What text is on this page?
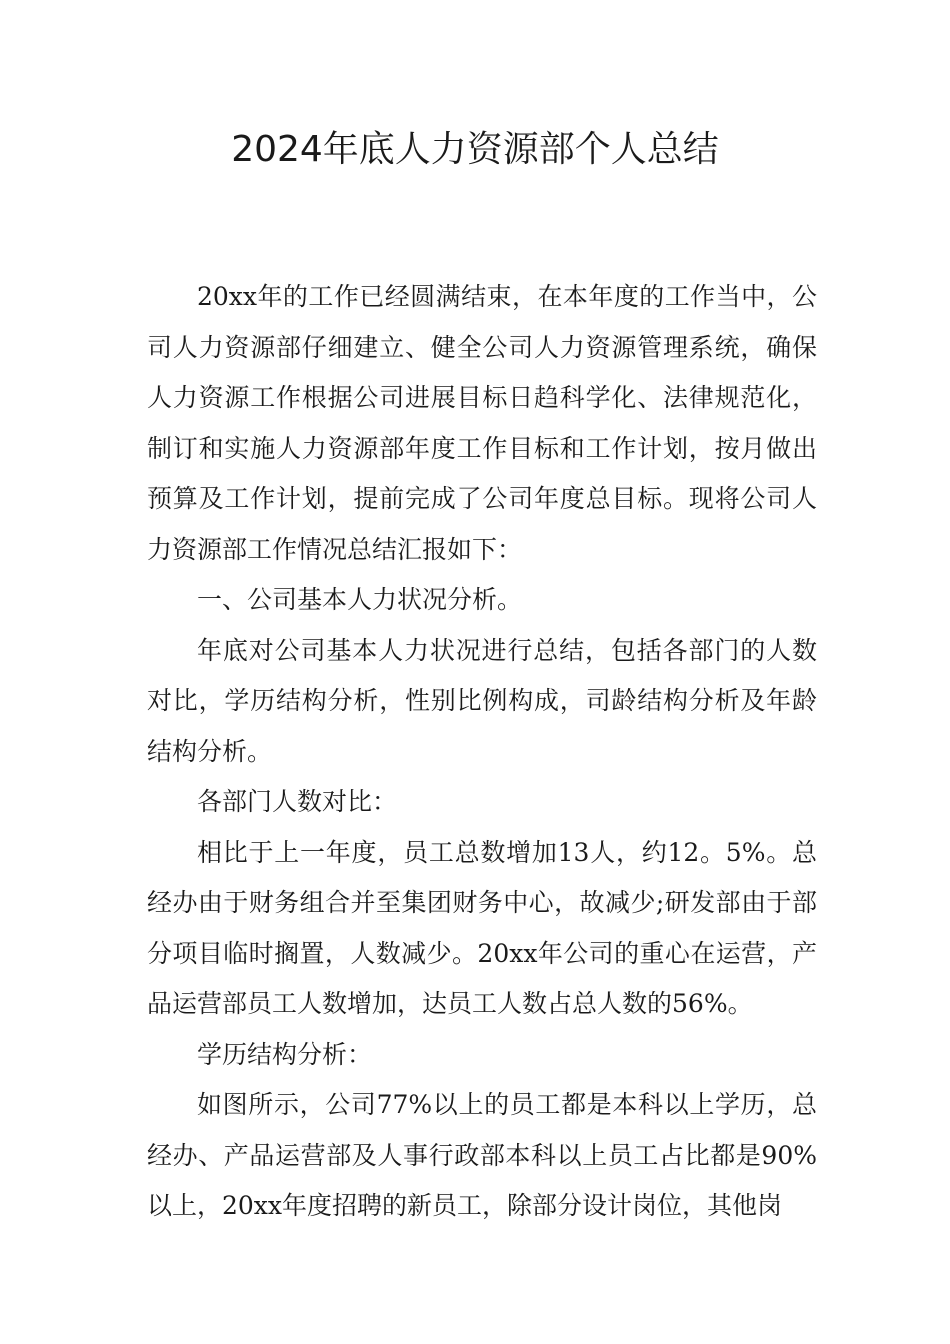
2024年底人力资源部个人总结

20xx年的工作已经圆满结束，在本年度的工作当中，公司人力资源部仔细建立、健全公司人力资源管理系统，确保人力资源工作根据公司进展目标日趋科学化、法律规范化，制订和实施人力资源部年度工作目标和工作计划，按月做出预算及工作计划，提前完成了公司年度总目标。现将公司人力资源部工作情况总结汇报如下：

一、公司基本人力状况分析。

年底对公司基本人力状况进行总结，包括各部门的人数对比，学历结构分析，性别比例构成，司龄结构分析及年龄结构分析。

各部门人数对比：

相比于上一年度，员工总数增加13人，约12。5%。总经办由于财务组合并至集团财务中心，故减少;研发部由于部分项目临时搁置，人数减少。20xx年公司的重心在运营，产品运营部员工人数增加，达员工人数占总人数的56%。

学历结构分析：

如图所示，公司77%以上的员工都是本科以上学历，总经办、产品运营部及人事行政部本科以上员工占比都是90%以上，20xx年度招聘的新员工，除部分设计岗位，其他岗
